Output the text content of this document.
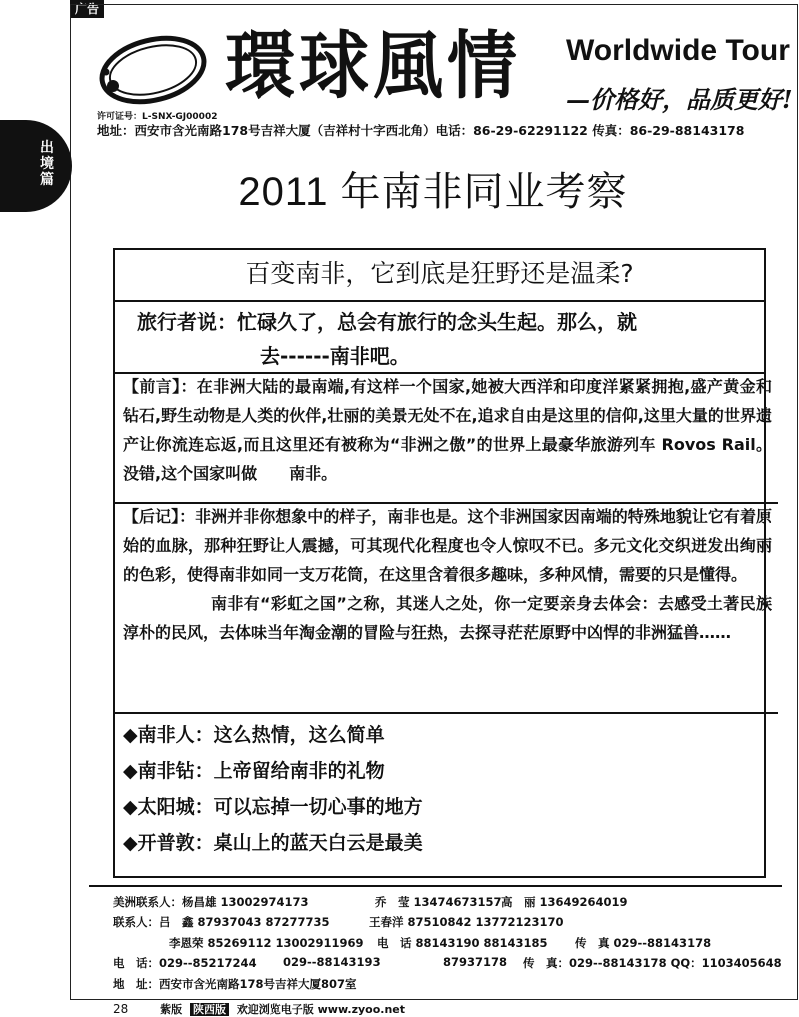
广告
出
境
篇
環球風情 Worldwide Tour
—价格好，品质更好!
许可证号：L-SNX-GJ00002
地址：西安市含光南路178号吉祥大厦（吉祥村十字西北角）电话：86-29-62291122 传真：86-29-88143178
2011 年南非同业考察
百变南非，它到底是狂野还是温柔?
旅行者说：忙碌久了，总会有旅行的念头生起。那么，就
去------南非吧。
【前言】：在非洲大陆的最南端,有这样一个国家,她被大西洋和印度洋紧紧拥抱,盛产黄金和钻石,野生动物是人类的伙伴,壮丽的美景无处不在,追求自由是这里的信仰,这里大量的世界遗产让你流连忘返,而且这里还有被称为“非洲之傲”的世界上最豪华旅游列车 Rovos Rail。没错,这个国家叫做　　南非。
【后记】：非洲并非你想象中的样子，南非也是。这个非洲国家因南端的特殊地貌让它有着原始的血脉，那种狂野让人震撼，可其现代化程度也令人惊叹不已。多元文化交织迸发出绚丽的色彩，使得南非如同一支万花筒，在这里含着很多趣味，多种风情，需要的只是懂得。
南非有“彩虹之国”之称，其迷人之处，你一定要亲身去体会：去感受土著民族淳朴的民风，去体味当年淘金潮的冒险与狂热，去探寻茫茫原野中凶悍的非洲猛兽……
◆南非人：这么热情，这么简单
◆南非钻：上帝留给南非的礼物
◆太阳城：可以忘掉一切心事的地方
◆开普敦：桌山上的蓝天白云是最美
美洲联系人：杨昌雄 13002974173	乔　莹 13474673157 高　丽 13649264019
联系人：吕　鑫 87937043 87277735	王春洋 87510842 13772123170
李恩荣 85269112 13002911969 电　话 88143190 88143185 传　真 029--88143178
电　话：029--85217244 029--88143193	87937178 传　真：029--88143178 QQ：1103405648
地　址：西安市含光南路178号吉祥大厦807室
28	紫版 陕西版 欢迎浏览电子版 www.zyoo.net
